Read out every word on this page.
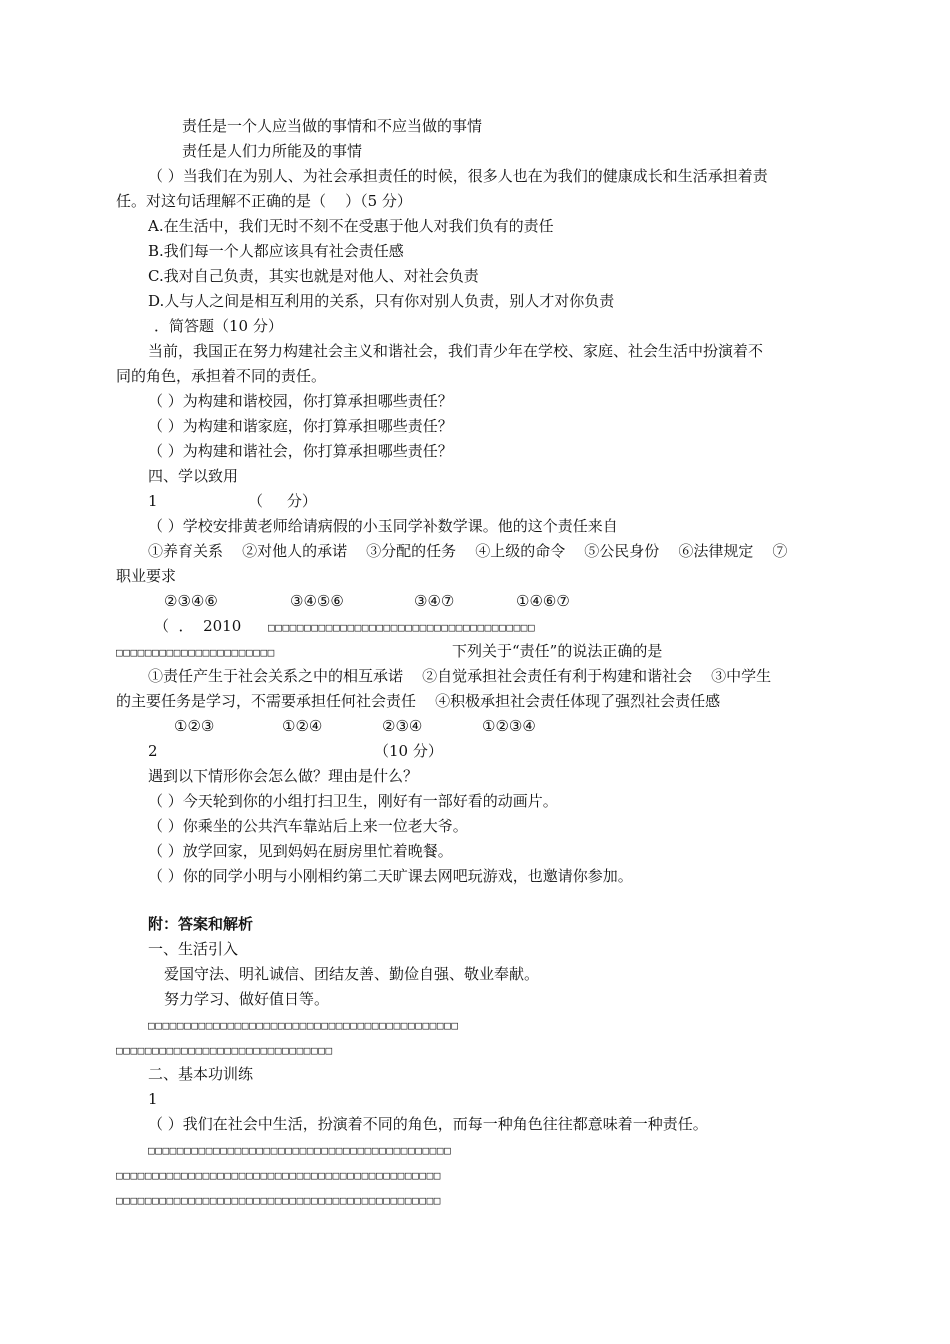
责任是一个人应当做的事情和不应当做的事情
责任是人们力所能及的事情
（ ）当我们在为别人、为社会承担责任的时候，很多人也在为我们的健康成长和生活承担着责
任。对这句话理解不正确的是（    ）（5 分）
A.在生活中，我们无时不刻不在受惠于他人对我们负有的责任
B.我们每一个人都应该具有社会责任感
C.我对自己负责，其实也就是对他人、对社会负责
D.人与人之间是相互利用的关系，只有你对别人负责，别人才对你负责
．简答题（10 分）
当前，我国正在努力构建社会主义和谐社会，我们青少年在学校、家庭、社会生活中扮演着不
同的角色，承担着不同的责任。
（ ）为构建和谐校园，你打算承担哪些责任？
（ ）为构建和谐家庭，你打算承担哪些责任？
（ ）为构建和谐社会，你打算承担哪些责任？
四、学以致用
1	（     分）
（ ）学校安排黄老师给请病假的小玉同学补数学课。他的这个责任来自
①养育关系    ②对他人的承诺    ③分配的任务    ④上级的命令    ⑤公民身份    ⑥法律规定    ⑦
职业要求
②③④⑥	③④⑤⑥	③④⑦	①④⑥⑦
（  ．  2010 □□□□□□□□□□□□□□□□□□□□□□□□□□□□□□□□□□□□□
□□□□□□□□□□□□□□□□□□□□□□	下列关于“责任”的说法正确的是
①责任产生于社会关系之中的相互承诺    ②自觉承担社会责任有利于构建和谐社会    ③中学生
的主要任务是学习，不需要承担任何社会责任    ④积极承担社会责任体现了强烈社会责任感
①②③	①②④	②③④	①②③④
2	（10 分）
遇到以下情形你会怎么做？理由是什么？
（ ）今天轮到你的小组打扫卫生，刚好有一部好看的动画片。
（ ）你乘坐的公共汽车靠站后上来一位老大爷。
（ ）放学回家，见到妈妈在厨房里忙着晚餐。
（ ）你的同学小明与小刚相约第二天旷课去网吧玩游戏，也邀请你参加。
附：答案和解析
一、生活引入
爱国守法、明礼诚信、团结友善、勤俭自强、敬业奉献。
努力学习、做好值日等。
□□□□□□□□□□□□□□□□□□□□□□□□□□□□□□□□□□□□□□□□□□□
□□□□□□□□□□□□□□□□□□□□□□□□□□□□□□
二、基本功训练
1
（ ）我们在社会中生活，扮演着不同的角色，而每一种角色往往都意味着一种责任。
□□□□□□□□□□□□□□□□□□□□□□□□□□□□□□□□□□□□□□□□□□
□□□□□□□□□□□□□□□□□□□□□□□□□□□□□□□□□□□□□□□□□□□□□
□□□□□□□□□□□□□□□□□□□□□□□□□□□□□□□□□□□□□□□□□□□□□
